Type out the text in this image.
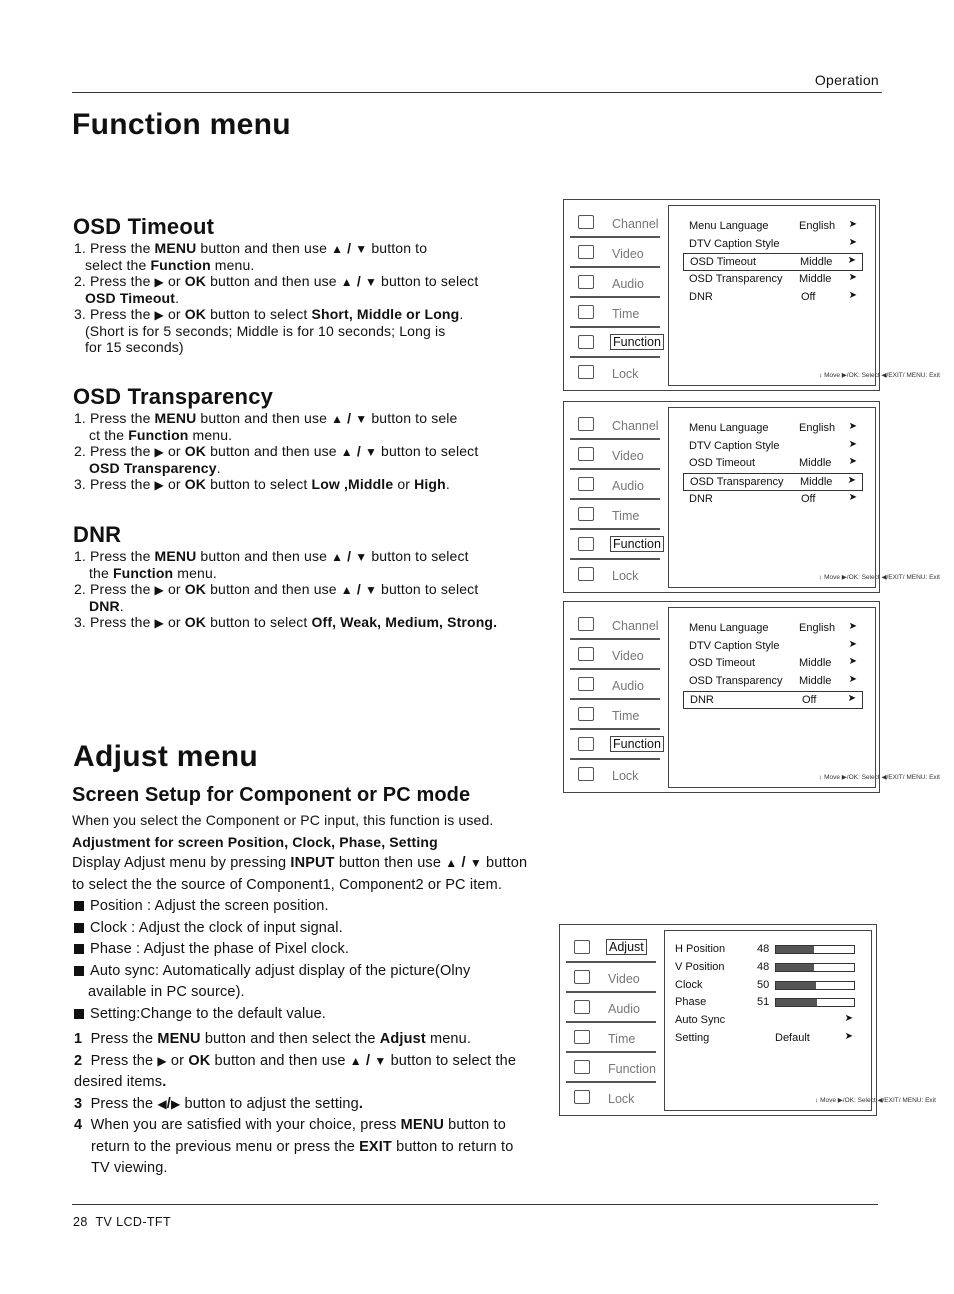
Operation
Function menu
OSD Timeout

1. Press the MENU button and then use ▲ / ▼ button to

select the Function menu.

2. Press the ▶ or OK button and then use ▲ / ▼ button to select

OSD Timeout.

3. Press the ▶ or OK button to select Short, Middle or Long.

(Short is for 5 seconds; Middle is for 10 seconds; Long is

for 15 seconds)

OSD Transparency

1. Press the MENU button and then use ▲ / ▼ button to sele

ct the Function menu.

2. Press the ▶ or OK button and then use ▲ / ▼ button to select

OSD Transparency.

3. Press the ▶ or OK button to select Low ,Middle or High.

DNR

1. Press the MENU button and then use ▲ / ▼ button to select

the Function menu.

2. Press the ▶ or OK button and then use ▲ / ▼ button to select

DNR.

3. Press the ▶ or OK button to select Off, Weak, Medium, Strong.

Channel
Video
Audio
Time
Function
Lock
Menu Language	English ➤
DTV Caption Style	➤
OSD Timeout	Middle ➤
OSD Transparency Middle ➤
DNR	Off	➤
↕ Move ▶/OK: Select ◀/EXIT/ MENU: Exit
Channel
Video
Audio
Time
Function
Lock
Menu Language	English ➤
DTV Caption Style	➤
OSD Timeout	Middle ➤
OSD Transparency Middle ➤
DNR	Off	➤
↕ Move ▶/OK: Select ◀/EXIT/ MENU: Exit
Channel
Video
Audio
Time
Function
Lock
Menu Language	English ➤
DTV Caption Style	➤
OSD Timeout	Middle ➤
OSD Transparency Middle ➤
DNR	Off	➤
↕ Move ▶/OK: Select ◀/EXIT/ MENU: Exit
Adjust
Video
Audio
Time
Function
Lock
H Position	48
V Position	48
Clock	50
Phase	51
Auto Sync	➤
Setting	Default	➤
↕ Move ▶/OK: Select ◀/EXIT/ MENU: Exit
Adjust menu
Screen Setup for Component or PC mode
When you select the Component or PC input, this function is used.
Adjustment for screen Position, Clock, Phase, Setting

Display Adjust menu by pressing INPUT button then use ▲ / ▼ button

to select the the source of Component1, Component2 or PC item.

Position : Adjust the screen position.

Clock : Adjust the clock of input signal.

Phase : Adjust the phase of Pixel clock.

Auto sync: Automatically adjust display of the picture(Olny

available in PC source).

Setting:Change to the default value.

1 Press the MENU button and then select the Adjust menu.

2 Press the ▶ or OK button and then use ▲ / ▼ button to select the

desired items.

3 Press the ◀/▶ button to adjust the setting.

4 When you are satisfied with your choice, press MENU button to

return to the previous menu or press the EXIT button to return to

TV viewing.

28 TV LCD-TFT
